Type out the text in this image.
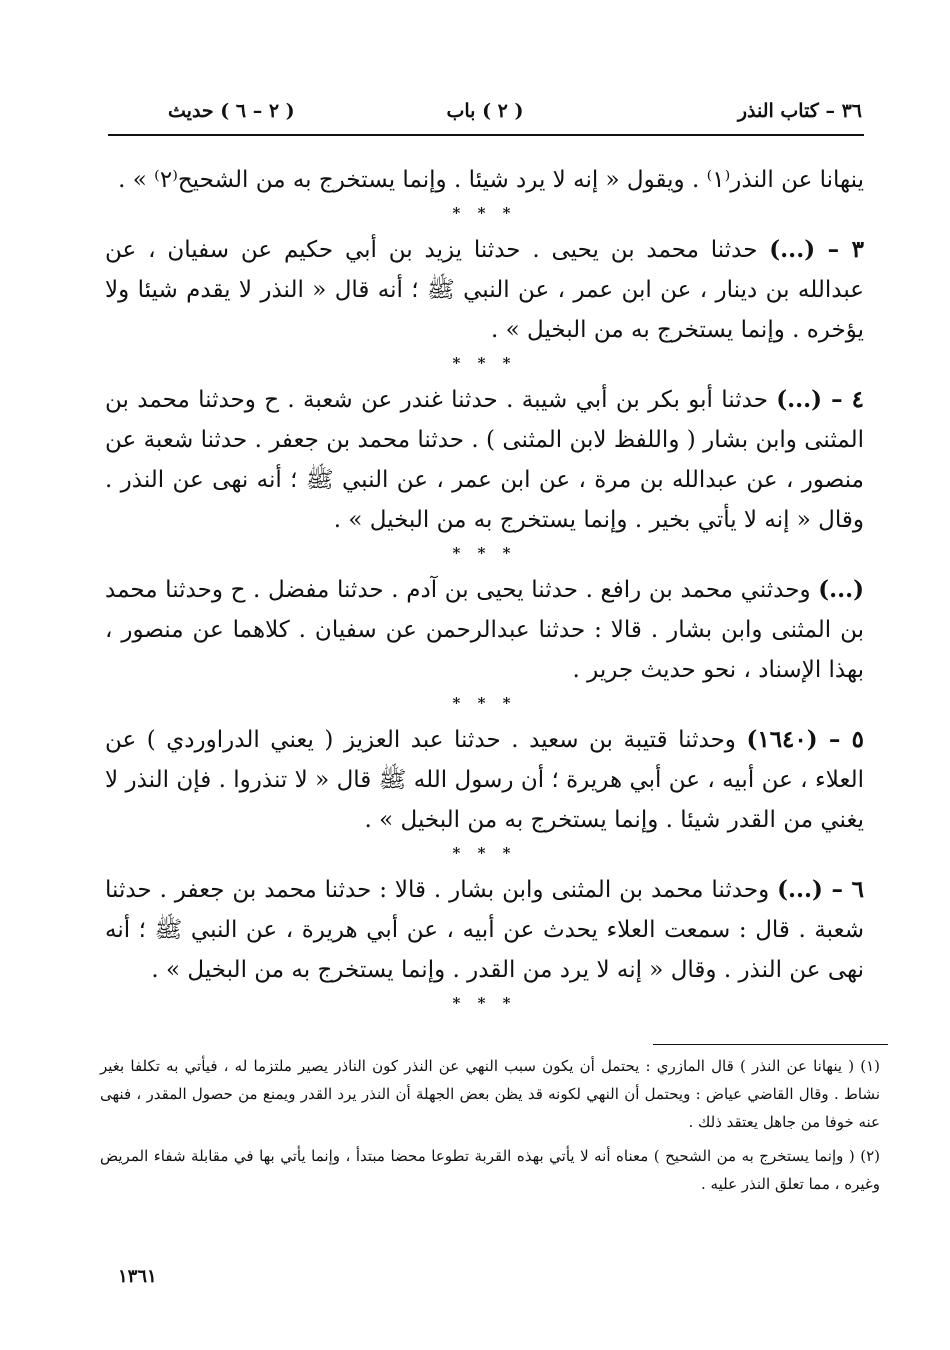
٣٦ – كتاب النذر
( ٢ ) باب
( ٢ – ٦ ) حديث

ينهانا عن النذر⁽١⁾ . ويقول « إنه لا يرد شيئا . وإنما يستخرج به من الشحيح⁽٢⁾ » .

* * *

٣ – (...) حدثنا محمد بن يحيى . حدثنا يزيد بن أبي حكيم عن سفيان ، عن عبدالله بن دينار ، عن ابن عمر ، عن النبي ﷺ ؛ أنه قال « النذر لا يقدم شيئا ولا يؤخره . وإنما يستخرج به من البخيل » .

* * *

٤ – (...) حدثنا أبو بكر بن أبي شيبة . حدثنا غندر عن شعبة . ح وحدثنا محمد بن المثنى وابن بشار ( واللفظ لابن المثنى ) . حدثنا محمد بن جعفر . حدثنا شعبة عن منصور ، عن عبدالله بن مرة ، عن ابن عمر ، عن النبي ﷺ ؛ أنه نهى عن النذر . وقال « إنه لا يأتي بخير . وإنما يستخرج به من البخيل » .

* * *

(...) وحدثني محمد بن رافع . حدثنا يحيى بن آدم . حدثنا مفضل . ح وحدثنا محمد بن المثنى وابن بشار . قالا : حدثنا عبدالرحمن عن سفيان . كلاهما عن منصور ، بهذا الإسناد ، نحو حديث جرير .

* * *

٥ – (١٦٤٠) وحدثنا قتيبة بن سعيد . حدثنا عبد العزيز ( يعني الدراوردي ) عن العلاء ، عن أبيه ، عن أبي هريرة ؛ أن رسول الله ﷺ قال « لا تنذروا . فإن النذر لا يغني من القدر شيئا . وإنما يستخرج به من البخيل » .

* * *

٦ – (...) وحدثنا محمد بن المثنى وابن بشار . قالا : حدثنا محمد بن جعفر . حدثنا شعبة . قال : سمعت العلاء يحدث عن أبيه ، عن أبي هريرة ، عن النبي ﷺ ؛ أنه نهى عن النذر . وقال « إنه لا يرد من القدر . وإنما يستخرج به من البخيل » .

* * *

(١) ( ينهانا عن النذر ) قال المازري : يحتمل أن يكون سبب النهي عن النذر كون الناذر يصير ملتزما له ، فيأتي به تكلفا بغير نشاط . وقال القاضي عياض : ويحتمل أن النهي لكونه قد يظن بعض الجهلة أن النذر يرد القدر ويمنع من حصول المقدر ، فنهى عنه خوفا من جاهل يعتقد ذلك .

(٢) ( وإنما يستخرج به من الشحيح ) معناه أنه لا يأتي بهذه القربة تطوعا محضا مبتدأ ، وإنما يأتي بها في مقابلة شفاء المريض وغيره ، مما تعلق النذر عليه .

١٣٦١
